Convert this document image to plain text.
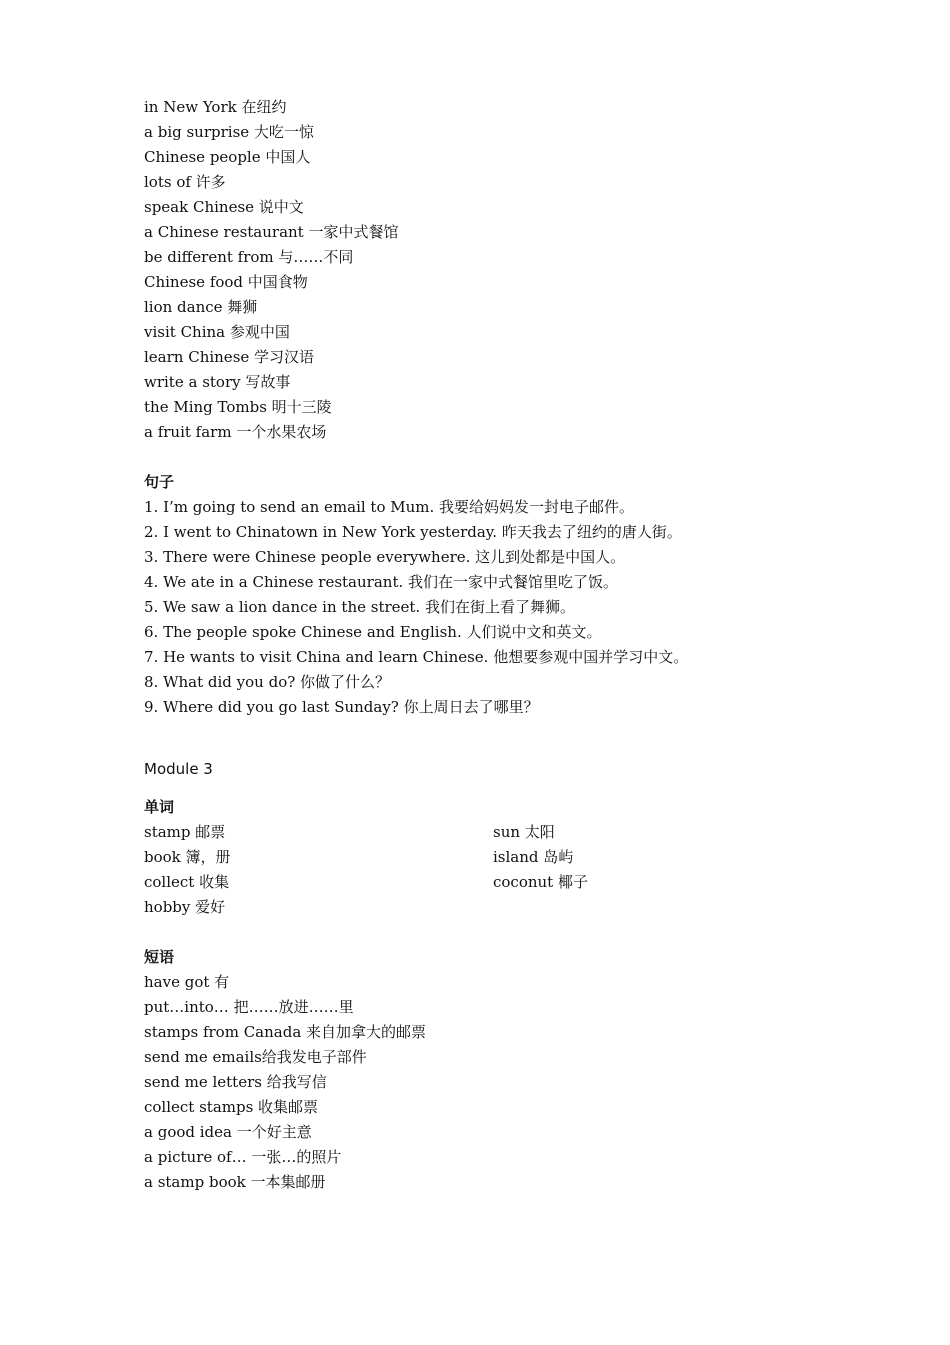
in New York 在纽约
a big surprise 大吃一惊
Chinese people 中国人
lots of 许多
speak Chinese 说中文
a Chinese restaurant 一家中式餐馆
be different from 与……不同
Chinese food 中国食物
lion dance 舞狮
visit China 参观中国
learn Chinese 学习汉语
write a story 写故事
the Ming Tombs 明十三陵
a fruit farm 一个水果农场
句子
1. I’m going to send an email to Mum. 我要给妈妈发一封电子邮件。
2. I went to Chinatown in New York yesterday. 昨天我去了纽约的唐人街。
3. There were Chinese people everywhere. 这儿到处都是中国人。
4. We ate in a Chinese restaurant. 我们在一家中式餐馆里吃了饭。
5. We saw a lion dance in the street. 我们在街上看了舞狮。
6. The people spoke Chinese and English. 人们说中文和英文。
7. He wants to visit China and learn Chinese. 他想要参观中国并学习中文。
8. What did you do? 你做了什么？
9. Where did you go last Sunday? 你上周日去了哪里？
Module 3
单词
stamp 邮票
book 簿，册
collect 收集
hobby 爱好
sun 太阳
island 岛屿
coconut 椰子
短语
have got 有
put…into… 把……放进……里
stamps from Canada 来自加拿大的邮票
send me emails给我发电子部件
send me letters 给我写信
collect stamps 收集邮票
a good idea 一个好主意
a picture of… 一张…的照片
a stamp book 一本集邮册
